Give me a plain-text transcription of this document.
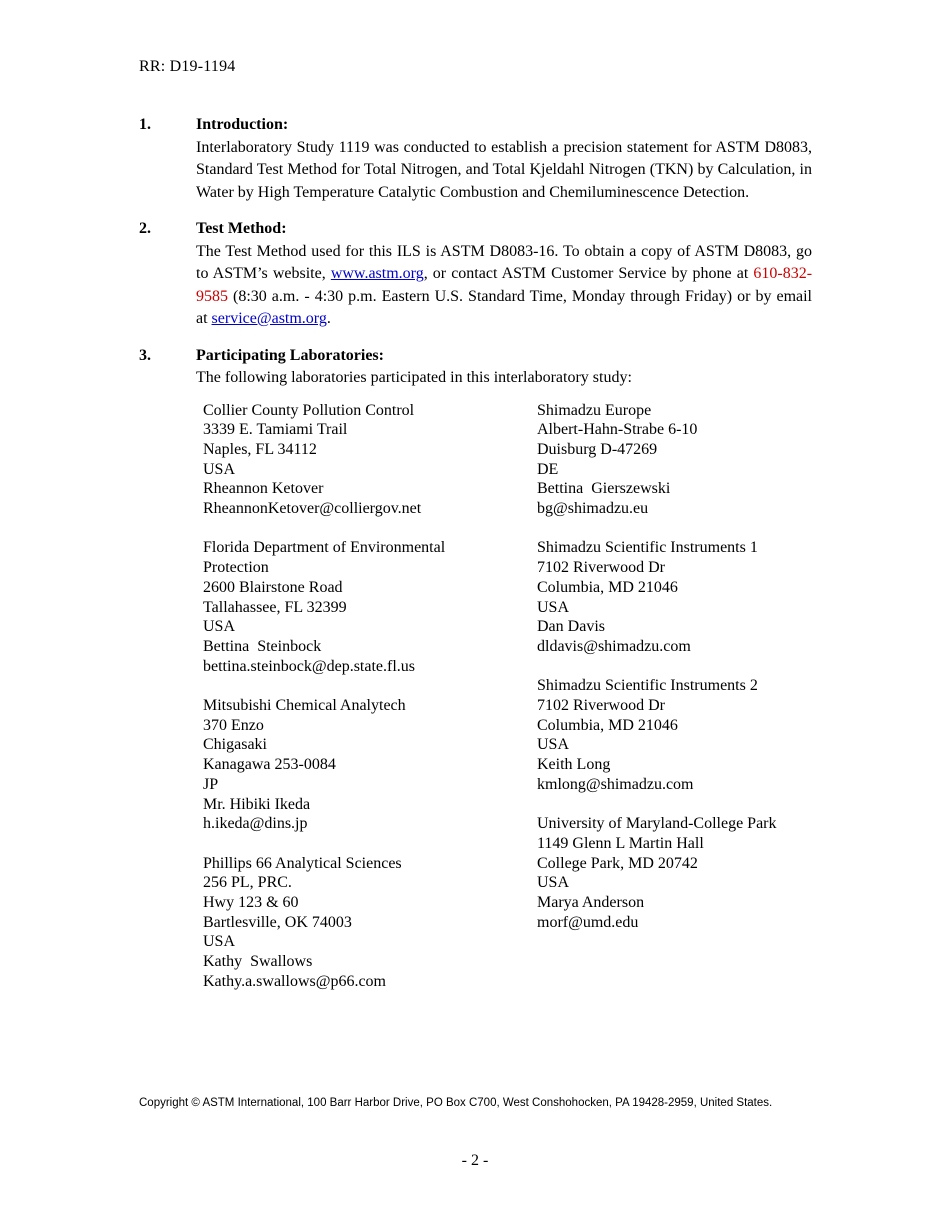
RR: D19-1194
1.	Introduction:
Interlaboratory Study 1119 was conducted to establish a precision statement for ASTM D8083, Standard Test Method for Total Nitrogen, and Total Kjeldahl Nitrogen (TKN) by Calculation, in Water by High Temperature Catalytic Combustion and Chemiluminescence Detection.
2.	Test Method:
The Test Method used for this ILS is ASTM D8083-16. To obtain a copy of ASTM D8083, go to ASTM’s website, www.astm.org, or contact ASTM Customer Service by phone at 610-832-9585 (8:30 a.m. - 4:30 p.m. Eastern U.S. Standard Time, Monday through Friday) or by email at service@astm.org.
3.	Participating Laboratories:
The following laboratories participated in this interlaboratory study:
Collier County Pollution Control
3339 E. Tamiami Trail
Naples, FL 34112
USA
Rheannon Ketover
RheannonKetover@colliergov.net
Florida Department of Environmental
Protection
2600 Blairstone Road
Tallahassee, FL 32399
USA
Bettina  Steinbock
bettina.steinbock@dep.state.fl.us
Mitsubishi Chemical Analytech
370 Enzo
Chigasaki
Kanagawa 253-0084
JP
Mr. Hibiki Ikeda
h.ikeda@dins.jp
Phillips 66 Analytical Sciences
256 PL, PRC.
Hwy 123 & 60
Bartlesville, OK 74003
USA
Kathy  Swallows
Kathy.a.swallows@p66.com
Shimadzu Europe
Albert-Hahn-Strabe 6-10
Duisburg D-47269
DE
Bettina  Gierszewski
bg@shimadzu.eu
Shimadzu Scientific Instruments 1
7102 Riverwood Dr
Columbia, MD 21046
USA
Dan Davis
dldavis@shimadzu.com
Shimadzu Scientific Instruments 2
7102 Riverwood Dr
Columbia, MD 21046
USA
Keith Long
kmlong@shimadzu.com
University of Maryland-College Park
1149 Glenn L Martin Hall
College Park, MD 20742
USA
Marya Anderson
morf@umd.edu
Copyright © ASTM International, 100 Barr Harbor Drive, PO Box C700, West Conshohocken, PA 19428-2959, United States.
- 2 -
